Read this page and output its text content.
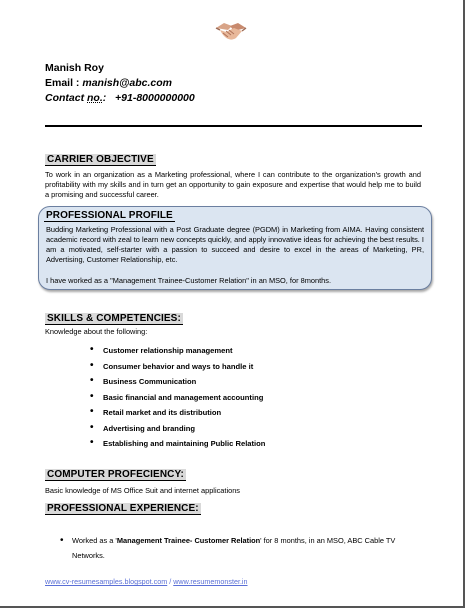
Manish Roy
Email : manish@abc.com
Contact no.: +91-8000000000
CARRIER OBJECTIVE
To work in an organization as a Marketing professional, where I can contribute to the organization's growth and profitability with my skills and in turn get an opportunity to gain exposure and expertise that would help me to build a promising and successful career.
PROFESSIONAL PROFILE
Budding Marketing Professional with a Post Graduate degree (PGDM) in Marketing from AIMA. Having consistent academic record with zeal to learn new concepts quickly, and apply innovative ideas for achieving the best results. I am a motivated, self-starter with a passion to succeed and desire to excel in the areas of Marketing, PR, Advertising, Customer Relationship, etc.
I have worked as a "Management Trainee-Customer Relation" in an MSO, for 8months.
SKILLS & COMPETENCIES:
Knowledge about the following:
• Customer relationship management
• Consumer behavior and ways to handle it
• Business Communication
• Basic financial and management accounting
• Retail market and its distribution
• Advertising and branding
• Establishing and maintaining Public Relation
COMPUTER PROFECIENCY:
Basic knowledge of MS Office Suit and internet applications
PROFESSIONAL EXPERIENCE:
•	Worked as a 'Management Trainee- Customer Relation' for 8 months, in an MSO, ABC Cable TV Networks.
www.cv-resumesamples.blogspot.com / www.resumemonster.in
